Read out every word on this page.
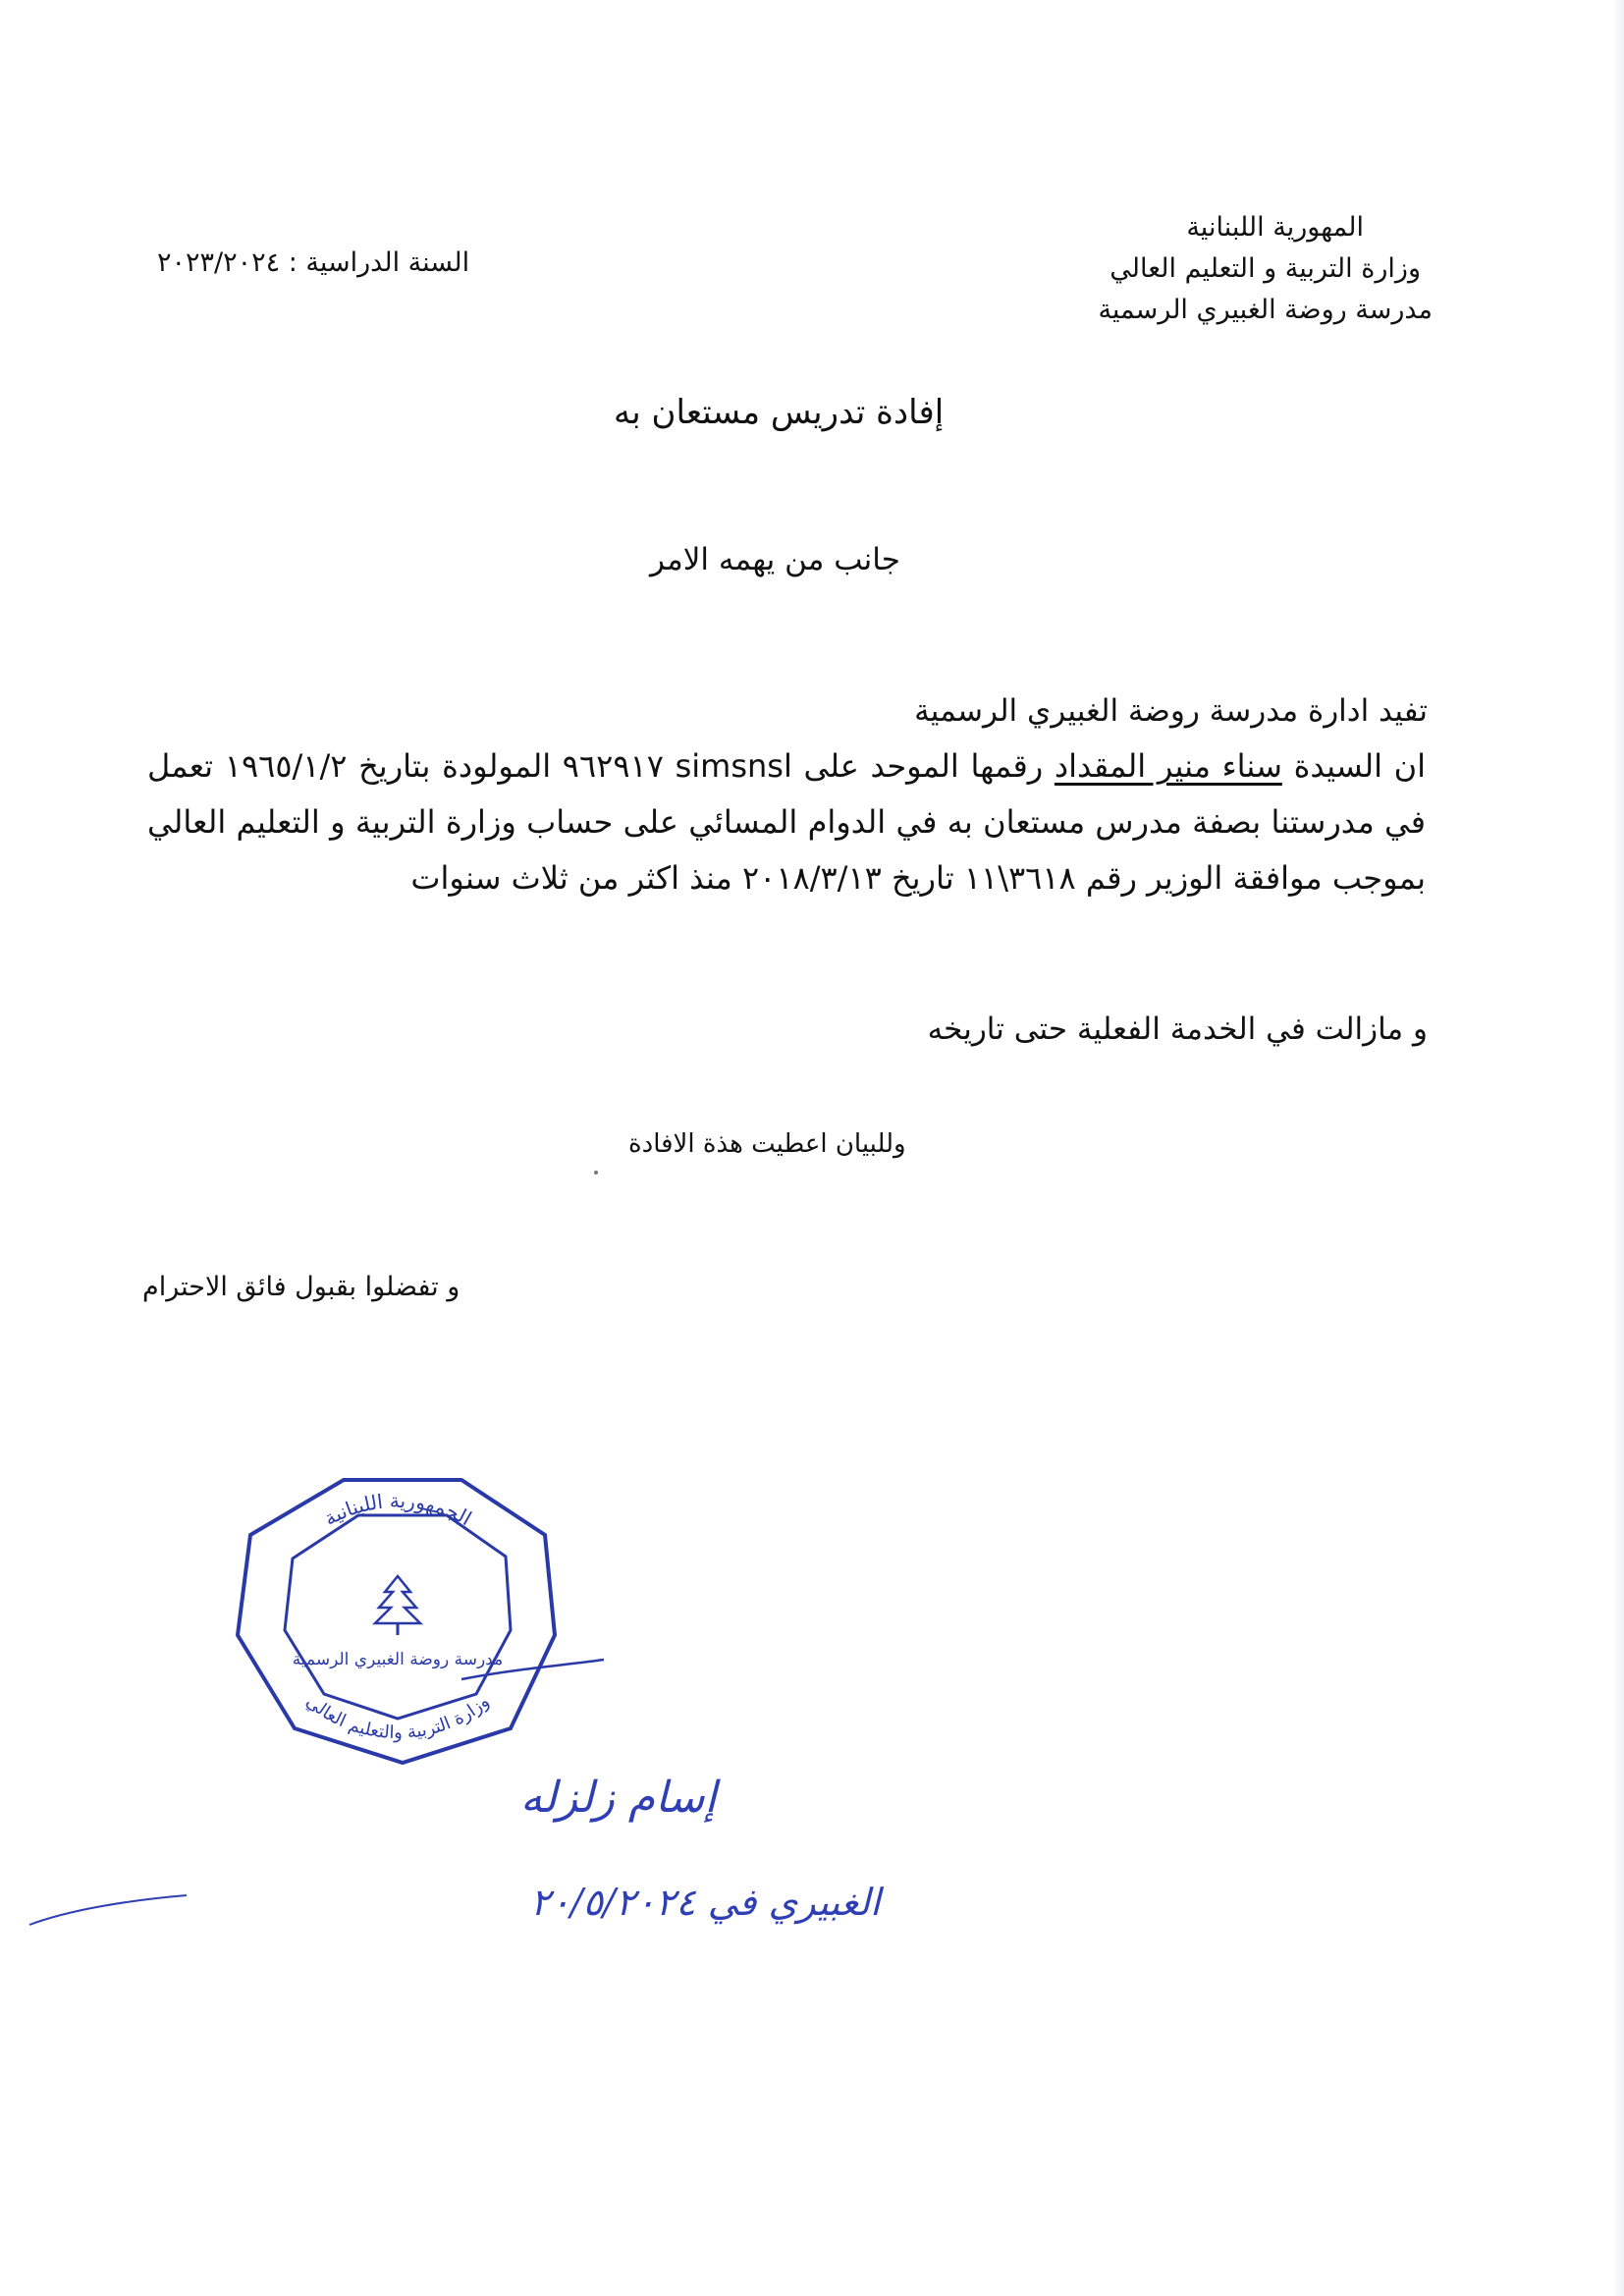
المهورية اللبنانية
وزارة التربية و التعليم العالي
مدرسة روضة الغبيري الرسمية
السنة الدراسية : ٢٠٢٣/٢٠٢٤
إفادة تدريس مستعان به
جانب من يهمه الامر
تفيد ادارة مدرسة روضة الغبيري الرسمية
ان السيدة سناء منير المقداد رقمها الموحد على simsnsl ٩٦٢٩١٧ المولودة بتاريخ ١٩٦٥/١/٢ تعمل في مدرستنا بصفة مدرس مستعان به في الدوام المسائي على حساب وزارة التربية و التعليم العالي بموجب موافقة الوزير رقم ٣٦١٨\١١ تاريخ ٢٠١٨/٣/١٣ منذ اكثر من ثلاث سنوات
و مازالت في الخدمة الفعلية حتى تاريخه
وللبيان اعطيت هذة الافادة
و تفضلوا بقبول فائق الاحترام
الجمهورية اللبنانية
وزارة التربية والتعليم العالي
مدرسة روضة الغبيري الرسمية
إسام زلزله
الغبيري في ٢٠/٥/٢٠٢٤
